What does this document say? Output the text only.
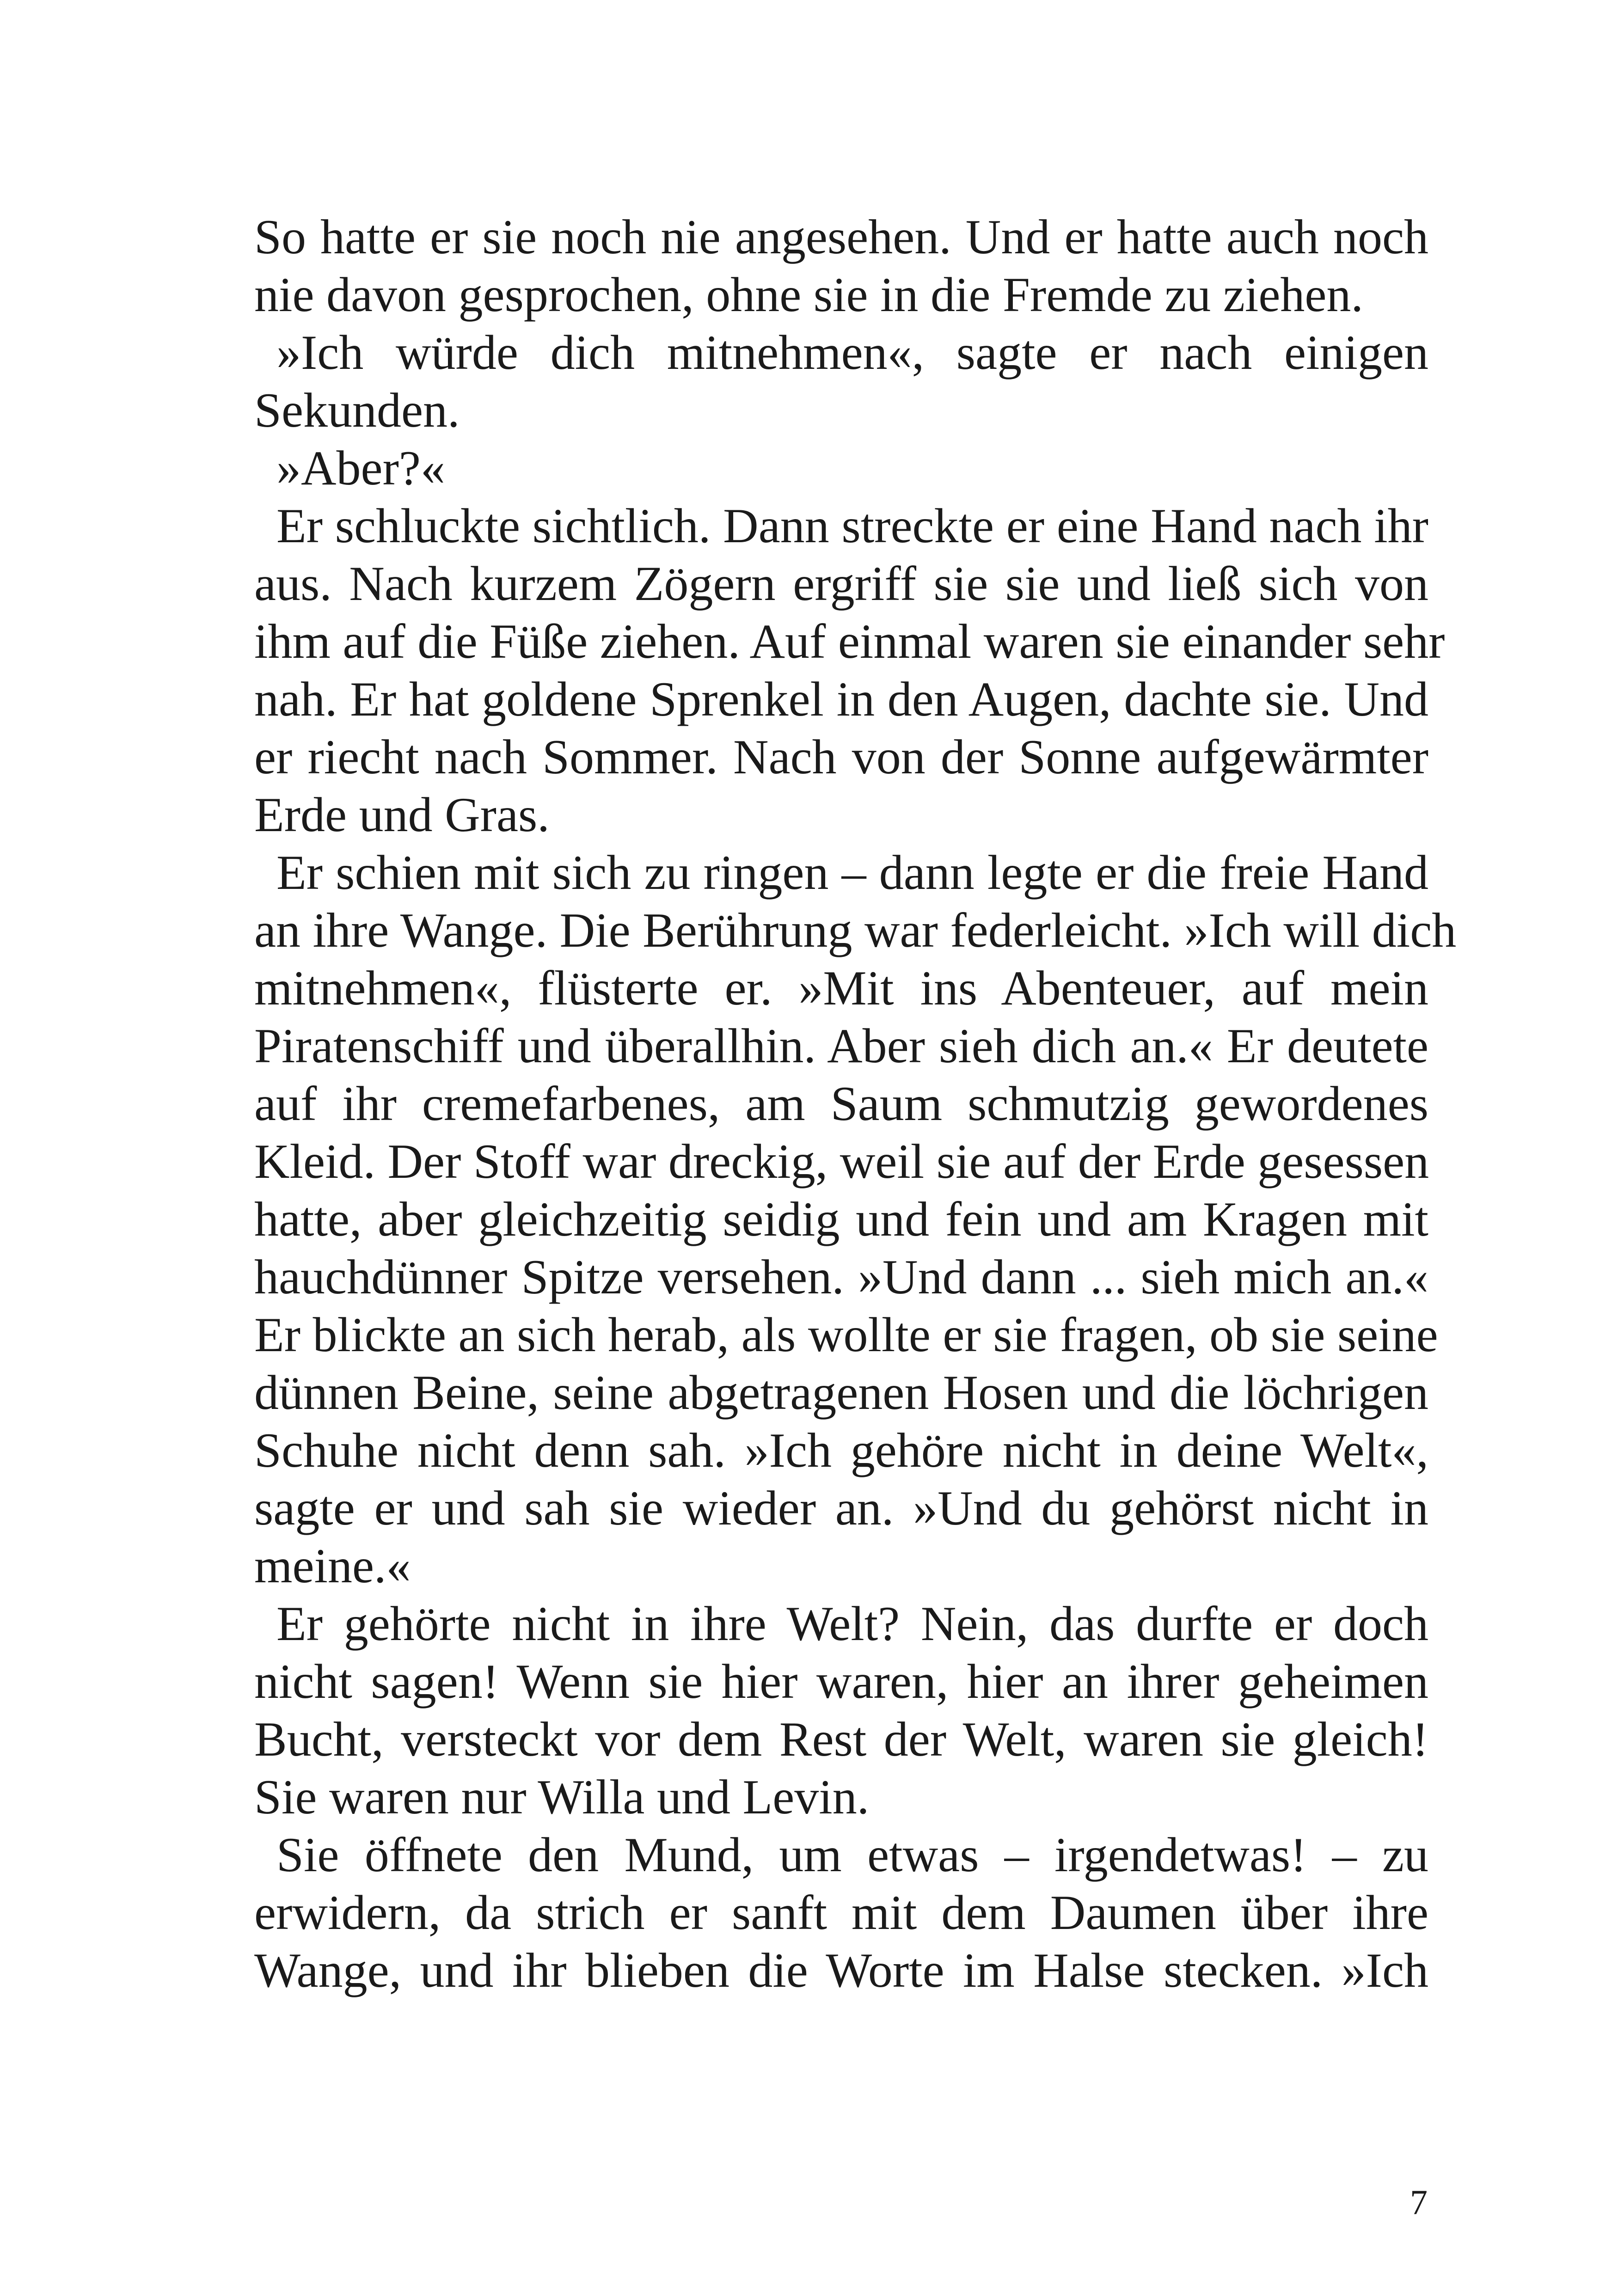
So hatte er sie noch nie angesehen. Und er hatte auch noch
nie davon gesprochen, ohne sie in die Fremde zu ziehen.
»Ich würde dich mitnehmen«, sagte er nach einigen
Sekunden.
»Aber?«
Er schluckte sichtlich. Dann streckte er eine Hand nach ihr
aus. Nach kurzem Zögern ergriff sie sie und ließ sich von
ihm auf die Füße ziehen. Auf einmal waren sie einander sehr
nah. Er hat goldene Sprenkel in den Augen, dachte sie. Und
er riecht nach Sommer. Nach von der Sonne aufgewärmter
Erde und Gras.
Er schien mit sich zu ringen – dann legte er die freie Hand
an ihre Wange. Die Berührung war federleicht. »Ich will dich
mitnehmen«, flüsterte er. »Mit ins Abenteuer, auf mein
Piratenschiff und überallhin. Aber sieh dich an.« Er deutete
auf ihr cremefarbenes, am Saum schmutzig gewordenes
Kleid. Der Stoff war dreckig, weil sie auf der Erde gesessen
hatte, aber gleichzeitig seidig und fein und am Kragen mit
hauchdünner Spitze versehen. »Und dann ... sieh mich an.«
Er blickte an sich herab, als wollte er sie fragen, ob sie seine
dünnen Beine, seine abgetragenen Hosen und die löchrigen
Schuhe nicht denn sah. »Ich gehöre nicht in deine Welt«,
sagte er und sah sie wieder an. »Und du gehörst nicht in
meine.«
Er gehörte nicht in ihre Welt? Nein, das durfte er doch
nicht sagen! Wenn sie hier waren, hier an ihrer geheimen
Bucht, versteckt vor dem Rest der Welt, waren sie gleich!
Sie waren nur Willa und Levin.
Sie öffnete den Mund, um etwas – irgendetwas! – zu
erwidern, da strich er sanft mit dem Daumen über ihre
Wange, und ihr blieben die Worte im Halse stecken. »Ich
7
